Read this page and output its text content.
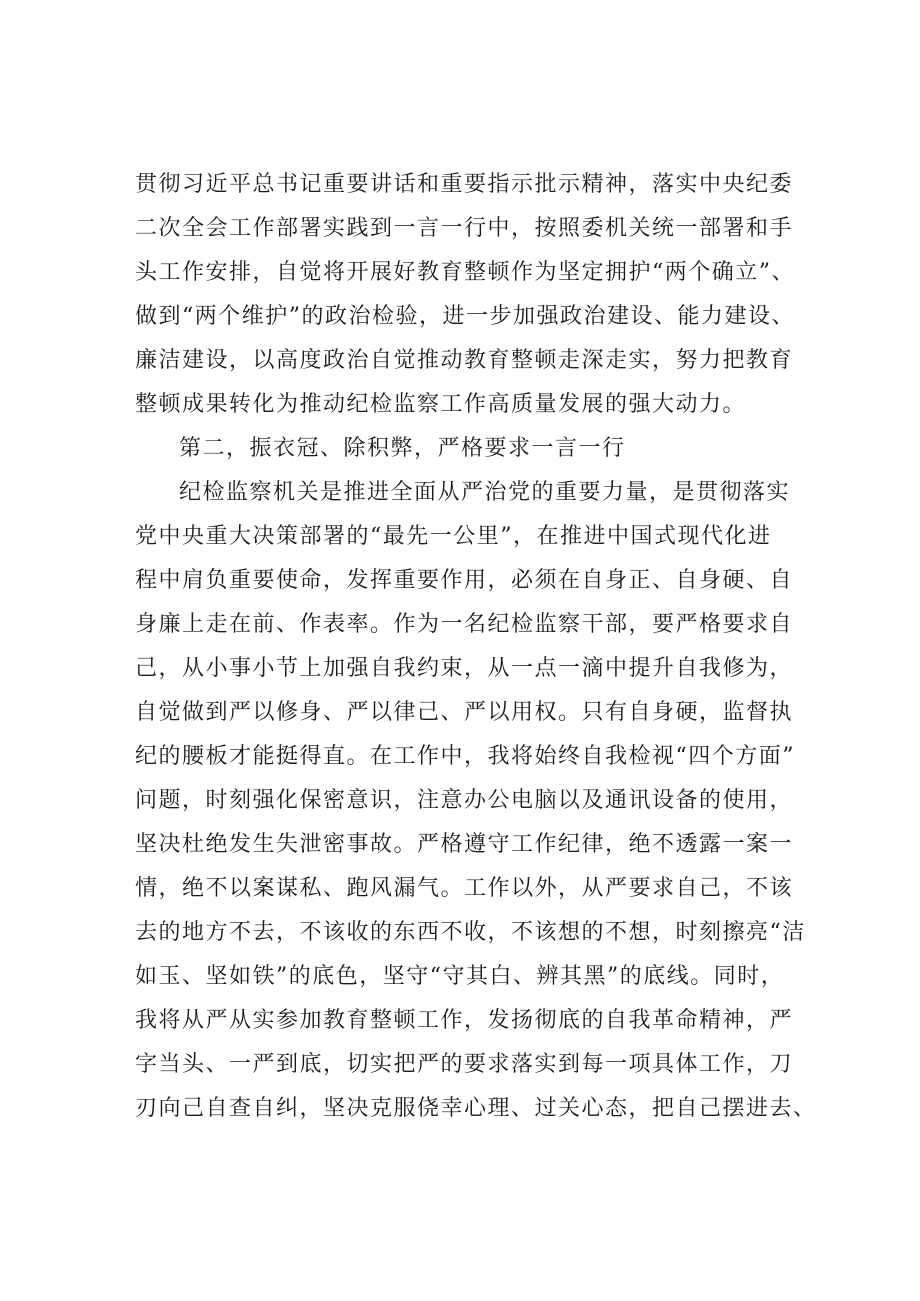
贯彻习近平总书记重要讲话和重要指示批示精神，落实中央纪委
二次全会工作部署实践到一言一行中，按照委机关统一部署和手
头工作安排，自觉将开展好教育整顿作为坚定拥护“两个确立”、
做到“两个维护”的政治检验，进一步加强政治建设、能力建设、
廉洁建设，以高度政治自觉推动教育整顿走深走实，努力把教育
整顿成果转化为推动纪检监察工作高质量发展的强大动力。
第二，振衣冠、除积弊，严格要求一言一行
纪检监察机关是推进全面从严治党的重要力量，是贯彻落实
党中央重大决策部署的“最先一公里”，在推进中国式现代化进
程中肩负重要使命，发挥重要作用，必须在自身正、自身硬、自
身廉上走在前、作表率。作为一名纪检监察干部，要严格要求自
己，从小事小节上加强自我约束，从一点一滴中提升自我修为，
自觉做到严以修身、严以律己、严以用权。只有自身硬，监督执
纪的腰板才能挺得直。在工作中，我将始终自我检视“四个方面”
问题，时刻强化保密意识，注意办公电脑以及通讯设备的使用，
坚决杜绝发生失泄密事故。严格遵守工作纪律，绝不透露一案一
情，绝不以案谋私、跑风漏气。工作以外，从严要求自己，不该
去的地方不去，不该收的东西不收，不该想的不想，时刻擦亮“洁
如玉、坚如铁”的底色，坚守“守其白、辨其黑”的底线。同时，
我将从严从实参加教育整顿工作，发扬彻底的自我革命精神，严
字当头、一严到底，切实把严的要求落实到每一项具体工作，刀
刃向己自查自纠，坚决克服侥幸心理、过关心态，把自己摆进去、
